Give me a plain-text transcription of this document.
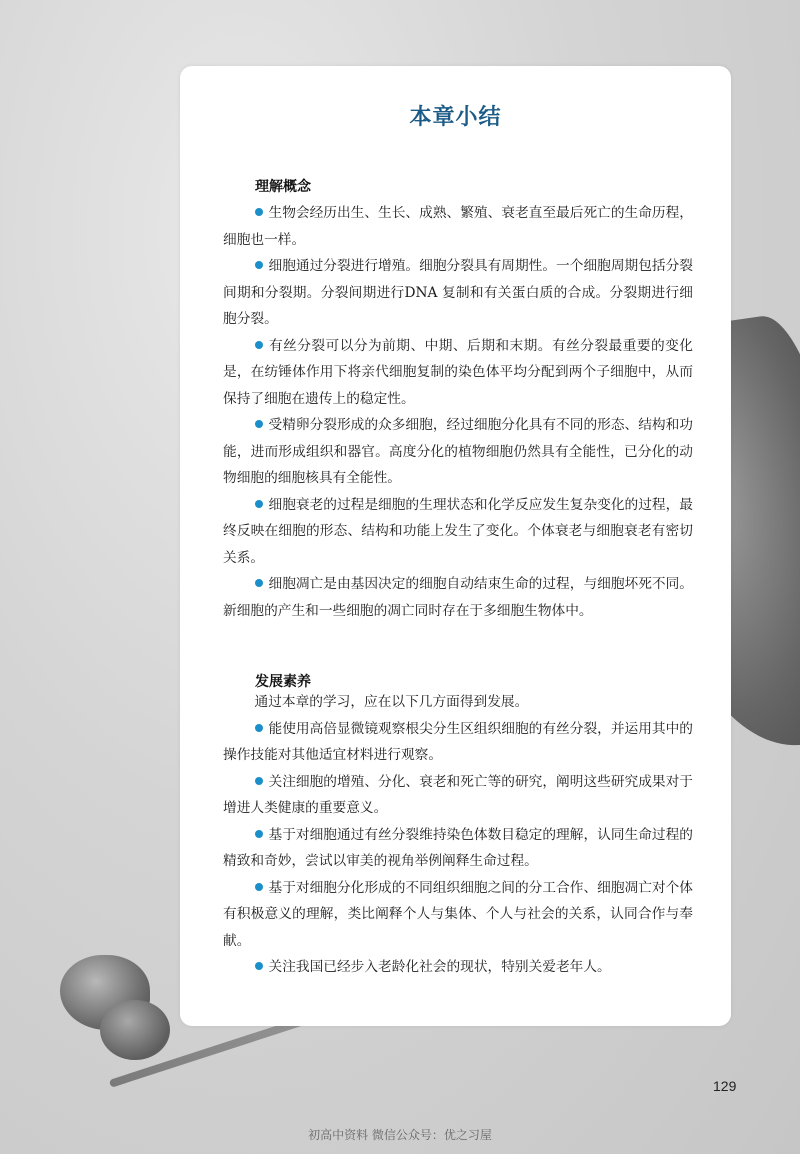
本章小结
理解概念
生物会经历出生、生长、成熟、繁殖、衰老直至最后死亡的生命历程，细胞也一样。
细胞通过分裂进行增殖。细胞分裂具有周期性。一个细胞周期包括分裂间期和分裂期。分裂间期进行DNA 复制和有关蛋白质的合成。分裂期进行细胞分裂。
有丝分裂可以分为前期、中期、后期和末期。有丝分裂最重要的变化是，在纺锤体作用下将亲代细胞复制的染色体平均分配到两个子细胞中，从而保持了细胞在遗传上的稳定性。
受精卵分裂形成的众多细胞，经过细胞分化具有不同的形态、结构和功能，进而形成组织和器官。高度分化的植物细胞仍然具有全能性，已分化的动物细胞的细胞核具有全能性。
细胞衰老的过程是细胞的生理状态和化学反应发生复杂变化的过程，最终反映在细胞的形态、结构和功能上发生了变化。个体衰老与细胞衰老有密切关系。
细胞凋亡是由基因决定的细胞自动结束生命的过程，与细胞坏死不同。新细胞的产生和一些细胞的凋亡同时存在于多细胞生物体中。
发展素养

通过本章的学习，应在以下几方面得到发展。

能使用高倍显微镜观察根尖分生区组织细胞的有丝分裂，并运用其中的操作技能对其他适宜材料进行观察。
关注细胞的增殖、分化、衰老和死亡等的研究，阐明这些研究成果对于增进人类健康的重要意义。
基于对细胞通过有丝分裂维持染色体数目稳定的理解，认同生命过程的精致和奇妙，尝试以审美的视角举例阐释生命过程。
基于对细胞分化形成的不同组织细胞之间的分工合作、细胞凋亡对个体有积极意义的理解，类比阐释个人与集体、个人与社会的关系，认同合作与奉献。
关注我国已经步入老龄化社会的现状，特别关爱老年人。
129
初高中资料 微信公众号：优之习屋
